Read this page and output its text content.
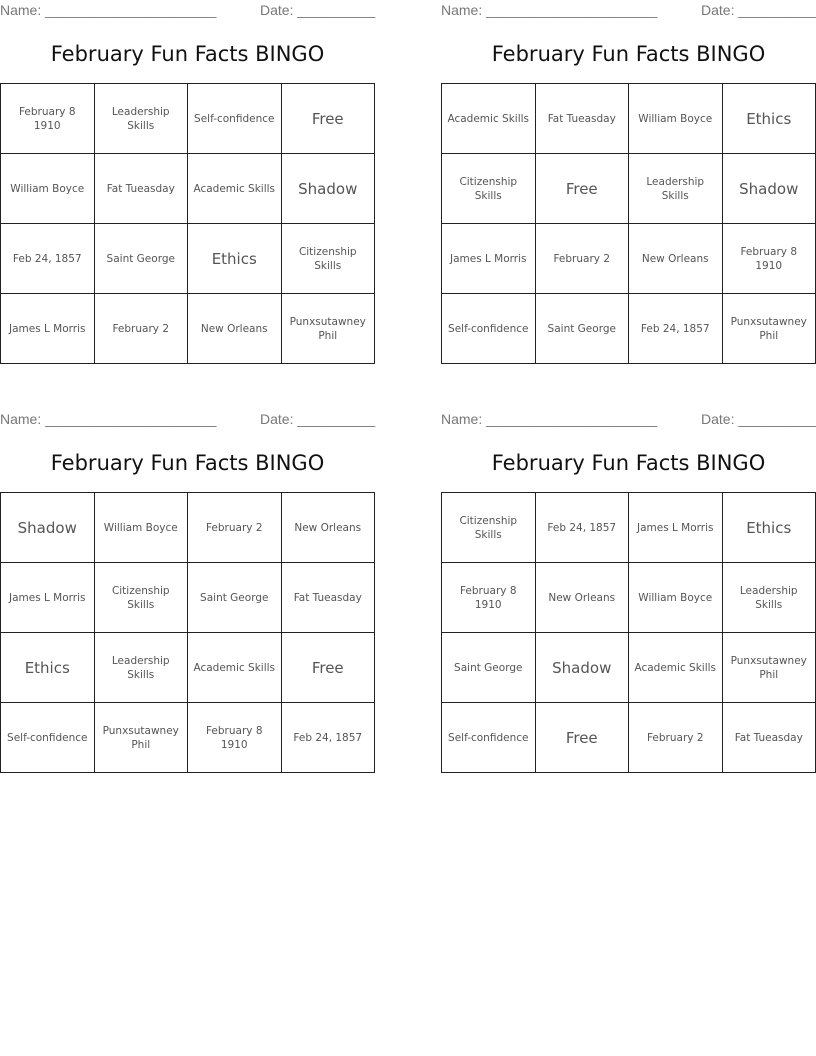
Name: ______________________	Date: __________
February Fun Facts BINGO
February 8 1910	Leadership Skills	Self-confidence	Free
William Boyce	Fat Tueasday	Academic Skills	Shadow
Feb 24, 1857	Saint George	Ethics	Citizenship Skills
James L Morris	February 2	New Orleans	Punxsutawney Phil
Name: ______________________	Date: __________
February Fun Facts BINGO
Academic Skills	Fat Tueasday	William Boyce	Ethics
Citizenship Skills	Free	Leadership Skills	Shadow
James L Morris	February 2	New Orleans	February 8 1910
Self-confidence	Saint George	Feb 24, 1857	Punxsutawney Phil
Name: ______________________	Date: __________
February Fun Facts BINGO
Shadow	William Boyce	February 2	New Orleans
James L Morris	Citizenship Skills	Saint George	Fat Tueasday
Ethics	Leadership Skills	Academic Skills	Free
Self-confidence	Punxsutawney Phil	February 8 1910	Feb 24, 1857
Name: ______________________	Date: __________
February Fun Facts BINGO
Citizenship Skills	Feb 24, 1857	James L Morris	Ethics
February 8 1910	New Orleans	William Boyce	Leadership Skills
Saint George	Shadow	Academic Skills	Punxsutawney Phil
Self-confidence	Free	February 2	Fat Tueasday
